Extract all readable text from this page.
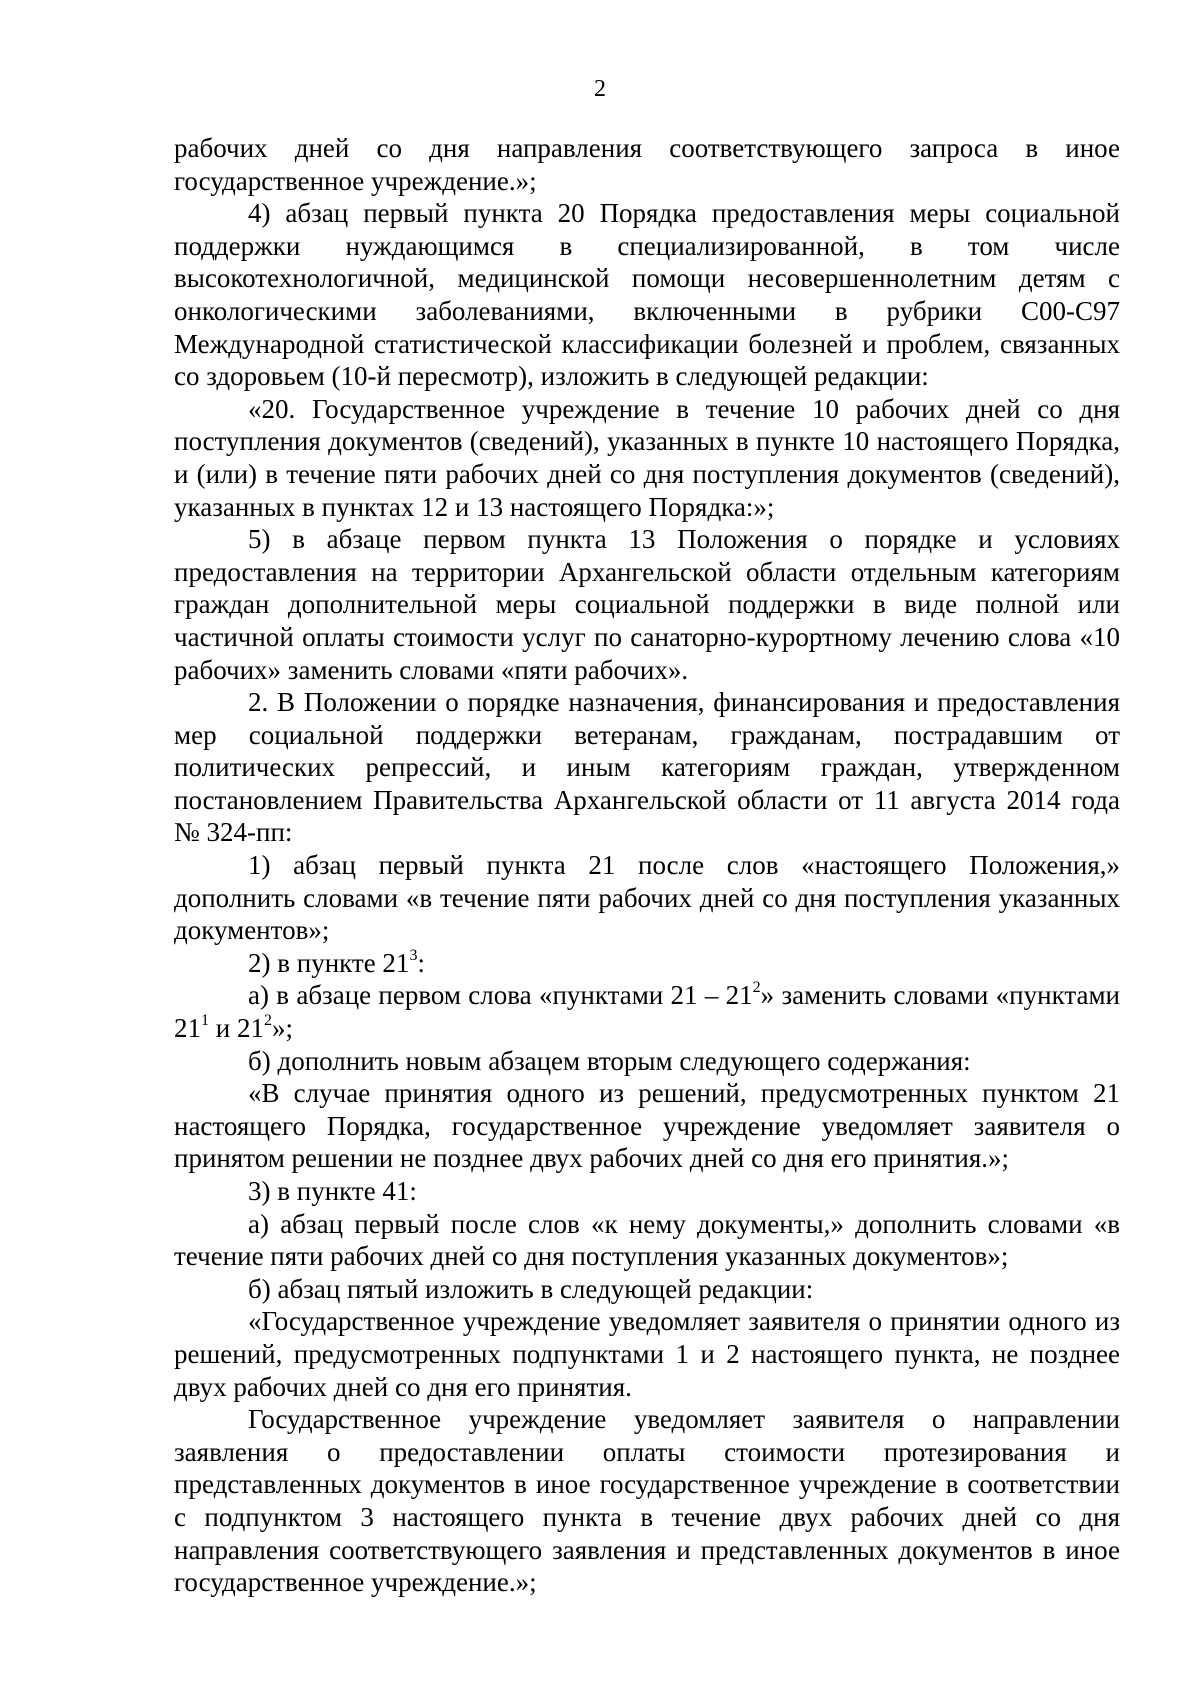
2

рабочих дней со дня направления соответствующего запроса в иное государственное учреждение.»;

4) абзац первый пункта 20 Порядка предоставления меры социальной поддержки нуждающимся в специализированной, в том числе высокотехнологичной, медицинской помощи несовершеннолетним детям с онкологическими заболеваниями, включенными в рубрики С00-С97 Международной статистической классификации болезней и проблем, связанных со здоровьем (10-й пересмотр), изложить в следующей редакции:

«20. Государственное учреждение в течение 10 рабочих дней со дня поступления документов (сведений), указанных в пункте 10 настоящего Порядка, и (или) в течение пяти рабочих дней со дня поступления документов (сведений), указанных в пунктах 12 и 13 настоящего Порядка:»;

5) в абзаце первом пункта 13 Положения о порядке и условиях предоставления на территории Архангельской области отдельным категориям граждан дополнительной меры социальной поддержки в виде полной или частичной оплаты стоимости услуг по санаторно-курортному лечению слова «10 рабочих» заменить словами «пяти рабочих».

2. В Положении о порядке назначения, финансирования и предоставления мер социальной поддержки ветеранам, гражданам, пострадавшим от политических репрессий, и иным категориям граждан, утвержденном постановлением Правительства Архангельской области от 11 августа 2014 года № 324-пп:

1) абзац первый пункта 21 после слов «настоящего Положения,» дополнить словами «в течение пяти рабочих дней со дня поступления указанных документов»;

2) в пункте $21^3$:

а) в абзаце первом слова «пунктами $21 - 21^2$» заменить словами «пунктами $21^1$ и $21^2$»;

б) дополнить новым абзацем вторым следующего содержания:

«В случае принятия одного из решений, предусмотренных пунктом 21 настоящего Порядка, государственное учреждение уведомляет заявителя о принятом решении не позднее двух рабочих дней со дня его принятия.»;

3) в пункте 41:

а) абзац первый после слов «к нему документы,» дополнить словами «в течение пяти рабочих дней со дня поступления указанных документов»;

б) абзац пятый изложить в следующей редакции:

«Государственное учреждение уведомляет заявителя о принятии одного из решений, предусмотренных подпунктами 1 и 2 настоящего пункта, не позднее двух рабочих дней со дня его принятия.

Государственное учреждение уведомляет заявителя о направлении заявления о предоставлении оплаты стоимости протезирования и представленных документов в иное государственное учреждение в соответствии с подпунктом 3 настоящего пункта в течение двух рабочих дней со дня направления соответствующего заявления и представленных документов в иное государственное учреждение.»;
